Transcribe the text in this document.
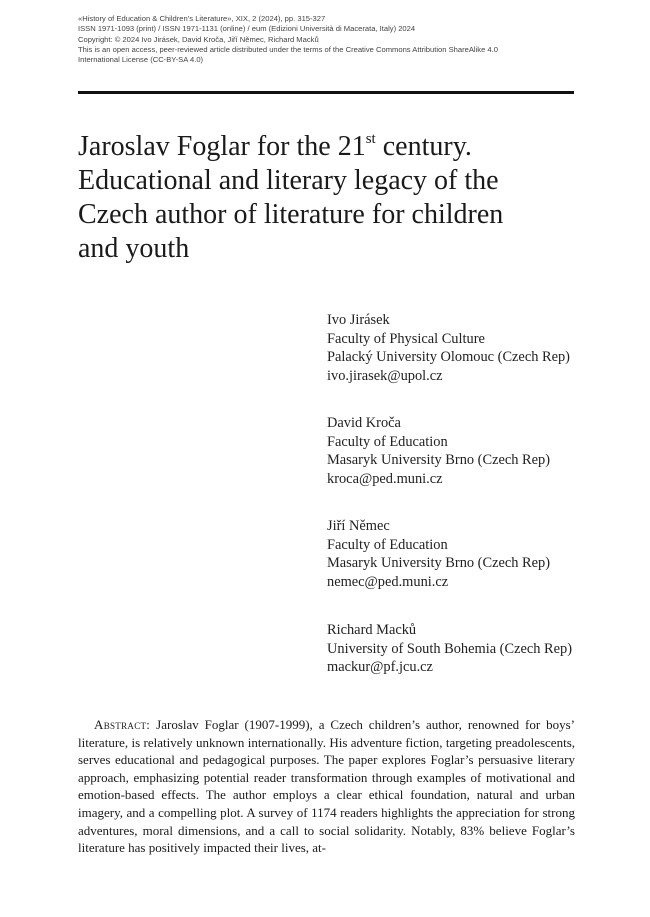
«History of Education & Children’s Literature», XIX, 2 (2024), pp. 315-327
ISSN 1971-1093 (print) / ISSN 1971-1131 (online) / eum (Edizioni Università di Macerata, Italy) 2024
Copyright: © 2024 Ivo Jirásek, David Kroča, Jiří Němec, Richard Macků
This is an open access, peer-reviewed article distributed under the terms of the Creative Commons Attribution ShareAlike 4.0
International License (CC-BY-SA 4.0)
Jaroslav Foglar for the 21st century.
Educational and literary legacy of the
Czech author of literature for children
and youth
Ivo Jirásek
Faculty of Physical Culture
Palacký University Olomouc (Czech Rep)
ivo.jirasek@upol.cz
David Kroča
Faculty of Education
Masaryk University Brno (Czech Rep)
kroca@ped.muni.cz
Jiří Němec
Faculty of Education
Masaryk University Brno (Czech Rep)
nemec@ped.muni.cz
Richard Macků
University of South Bohemia (Czech Rep)
mackur@pf.jcu.cz
Abstract: Jaroslav Foglar (1907-1999), a Czech children’s author, renowned for boys’ literature, is relatively unknown internationally. His adventure fiction, targeting preadolescents, serves educational and pedagogical purposes. The paper explores Foglar’s persuasive literary approach, emphasizing potential reader transformation through examples of motivational and emotion-based effects. The author employs a clear ethical foundation, natural and urban imagery, and a compelling plot. A survey of 1174 readers highlights the appreciation for strong adventures, moral dimensions, and a call to social solidarity. Notably, 83% believe Foglar’s literature has positively impacted their lives, at-
